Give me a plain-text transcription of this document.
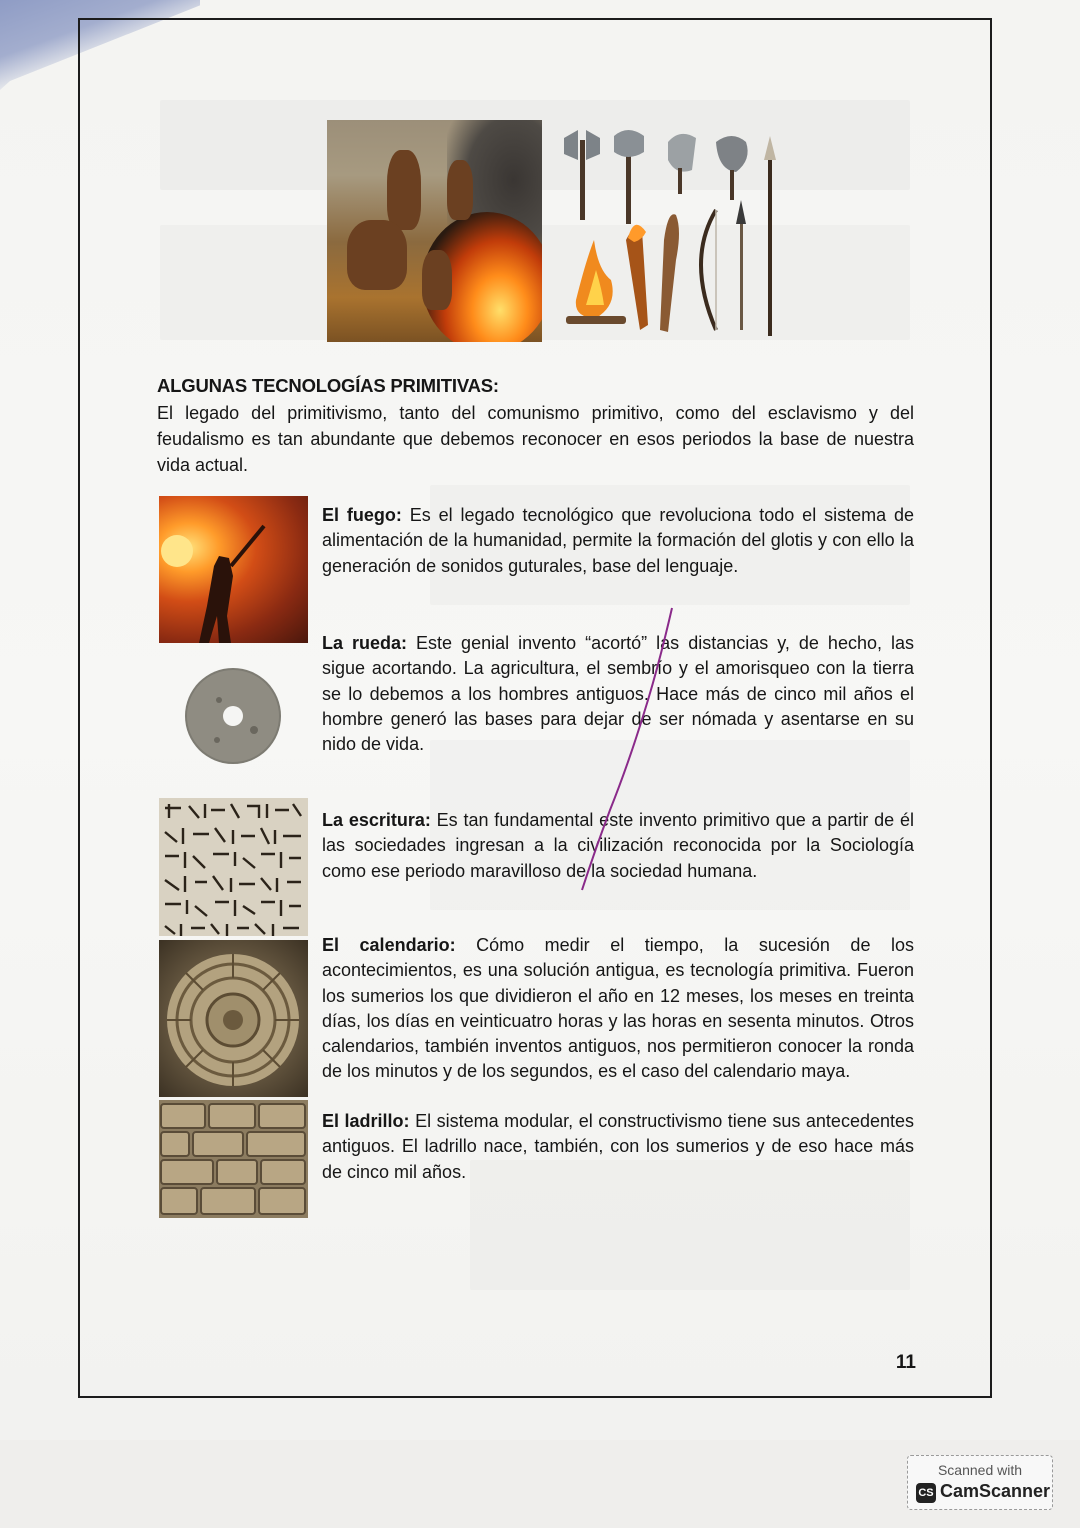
ALGUNAS TECNOLOGÍAS PRIMITIVAS:

El legado del primitivismo, tanto del comunismo primitivo, como del esclavismo y del feudalismo es tan abundante que debemos reconocer en esos periodos la base de nuestra vida actual.

El fuego: Es el legado tecnológico que revoluciona todo el sistema de alimentación de la humanidad, permite la formación del glotis y con ello la generación de sonidos guturales, base del lenguaje.

La rueda: Este genial invento “acortó” las distancias y, de hecho, las sigue acortando. La agricultura, el sembrío y el amorisqueo con la tierra se lo debemos a los hombres antiguos. Hace más de cinco mil años el hombre generó las bases para dejar de ser nómada y asentarse en su nido de vida.

La escritura: Es tan fundamental este invento primitivo que a partir de él las sociedades ingresan a la civilización reconocida por la Sociología como ese periodo maravilloso de la sociedad humana.

El calendario: Cómo medir el tiempo, la sucesión de los acontecimientos, es una solución antigua, es tecnología primitiva. Fueron los sumerios los que dividieron el año en 12 meses, los meses en treinta días, los días en veinticuatro horas y las horas en sesenta minutos. Otros calendarios, también inventos antiguos, nos permitieron conocer la ronda de los minutos y de los segundos, es el caso del calendario maya.

El ladrillo: El sistema modular, el constructivismo tiene sus antecedentes antiguos. El ladrillo nace, también, con los sumerios y de eso hace más de cinco mil años.

11

Scanned with
CS CamScanner
